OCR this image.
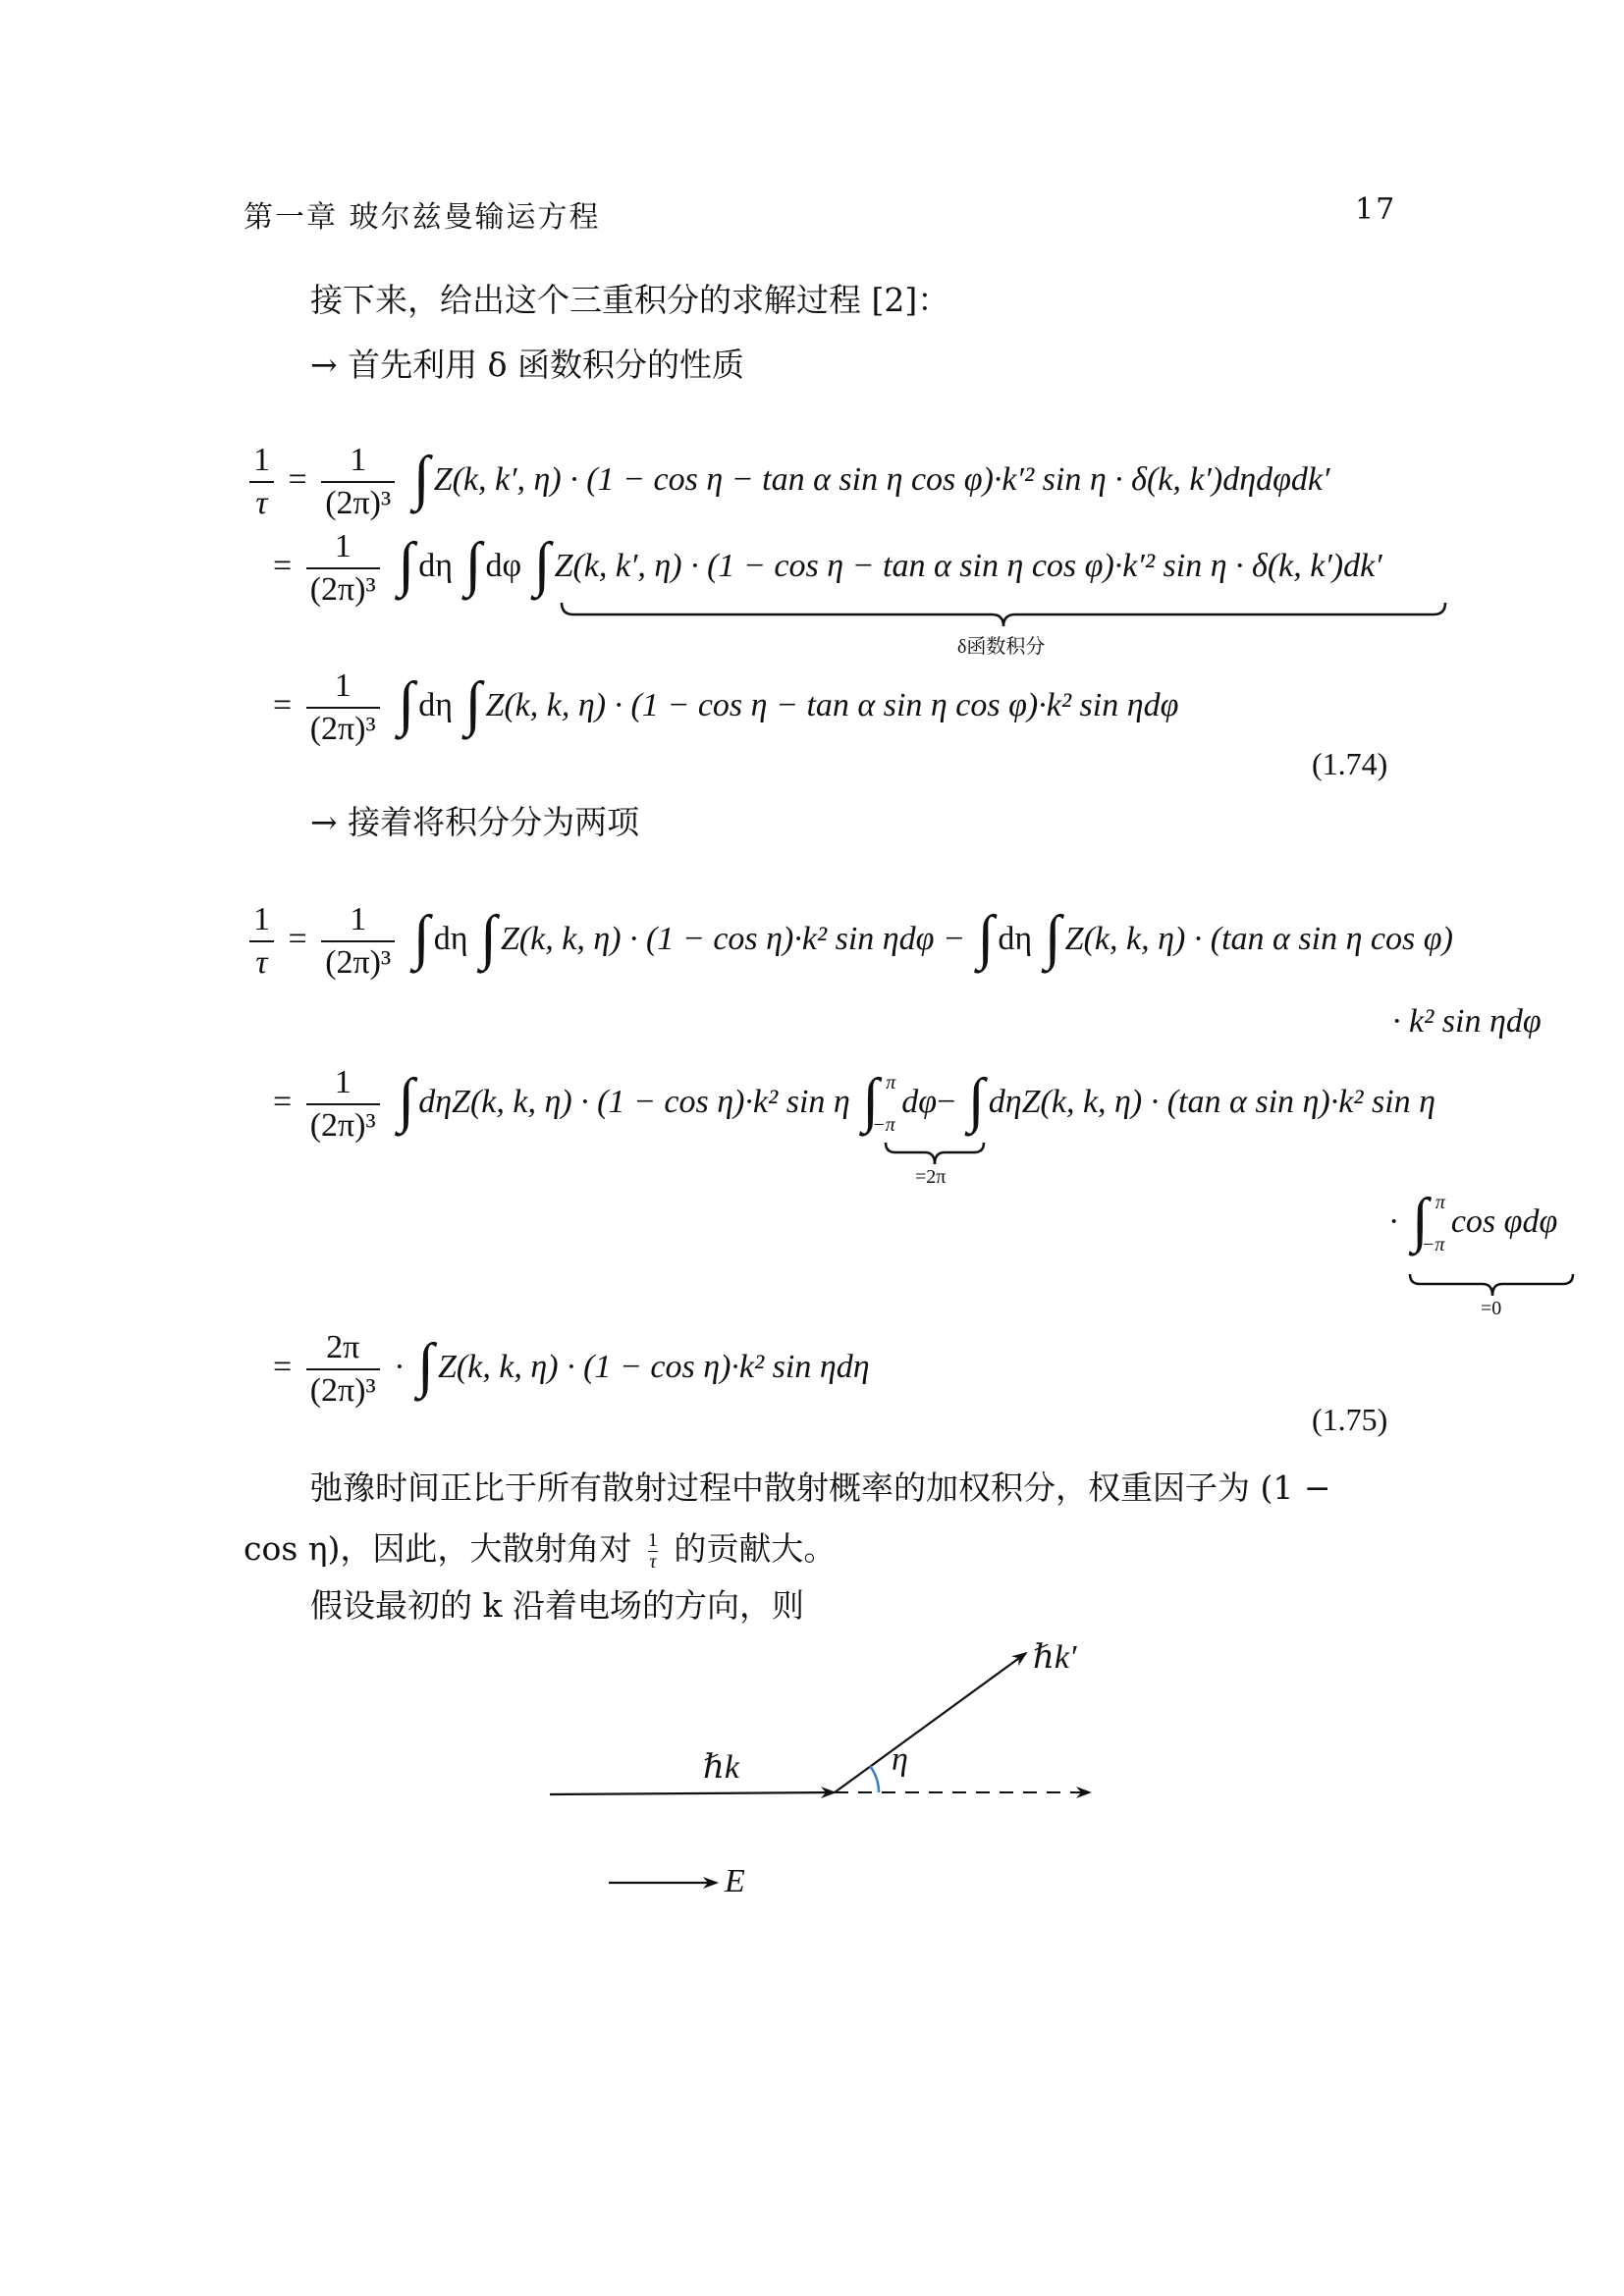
第一章 玻尔兹曼输运方程	17
接下来，给出这个三重积分的求解过程 [2]：
→ 首先利用 δ 函数积分的性质
$\frac{1}{\tau} = \frac{1}{\text{(2π)³}}$ ∫ Z(k, k′, η) · (1 − cos η − tan α sin η cos φ)·k′² sin η · δ(k, k′)dηdφdk′
= $\frac{1}{\text{(2π)³}}$ ∫ dη ∫ dφ ∫ Z(k, k′, η) · (1 − cos η − tan α sin η cos φ)·k′² sin η · δ(k, k′)dk′
δ函数积分
= $\frac{1}{\text{(2π)³}}$ ∫ dη ∫ Z(k, k, η) · (1 − cos η − tan α sin η cos φ)·k² sin ηdφ
(1.74)
→ 接着将积分分为两项
$\frac{1}{\tau} = \frac{1}{\text{(2π)³}}$ ∫ dη ∫ Z(k, k, η) · (1 − cos η)·k² sin ηdφ − ∫ dη ∫ Z(k, k, η) · (tan α sin η cos φ)
· k² sin ηdφ
= $\frac{1}{\text{(2π)³}}$ ∫ dηZ(k, k, η) · (1 − cos η)·k² sin η ∫ π
−π
dφ− ∫ dηZ(k, k, η) · (tan α sin η)·k² sin η
=2π
· ∫ π
−π
cos φdφ
=0
= $\frac{2\pi}{\text{(2π)³}}$ · ∫ Z(k, k, η) · (1 − cos η)·k² sin ηdη
(1.75)
弛豫时间正比于所有散射过程中散射概率的加权积分，权重因子为 (1 −
cos η)，因此，大散射角对 $\frac{1}{\tau}$ 的贡献大。
假设最初的 k 沿着电场的方向，则
ℏk
ℏk′
η
E
